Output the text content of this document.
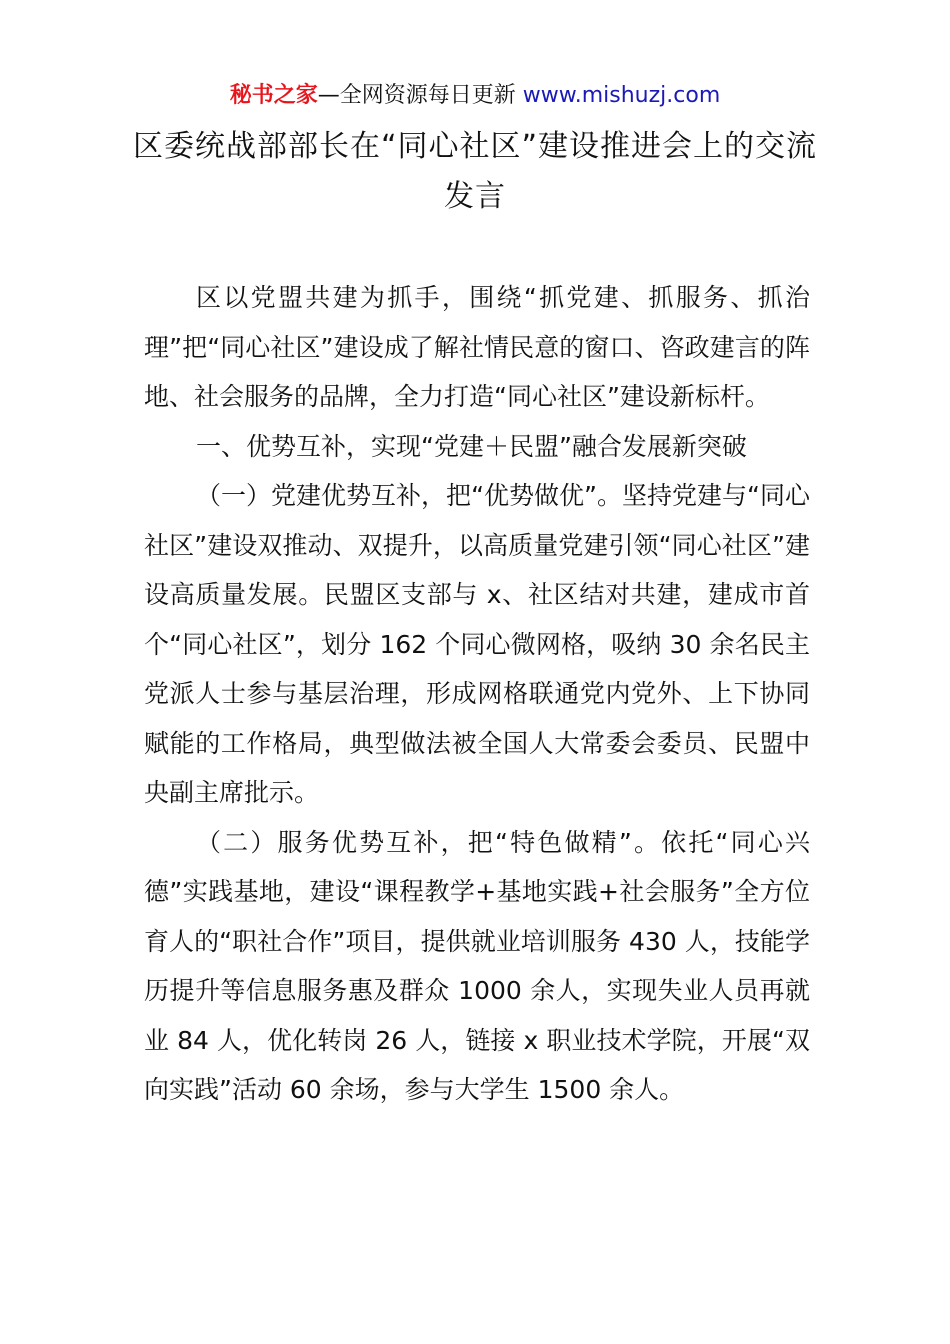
秘书之家—全网资源每日更新 www.mishuzj.com
区委统战部部长在“同心社区”建设推进会上的交流发言

区以党盟共建为抓手，围绕“抓党建、抓服务、抓治理”把“同心社区”建设成了解社情民意的窗口、咨政建言的阵地、社会服务的品牌，全力打造“同心社区”建设新标杆。

一、优势互补，实现“党建＋民盟”融合发展新突破

（一）党建优势互补，把“优势做优”。坚持党建与“同心社区”建设双推动、双提升，以高质量党建引领“同心社区”建设高质量发展。民盟区支部与 x、社区结对共建，建成市首个“同心社区”，划分 162 个同心微网格，吸纳 30 余名民主党派人士参与基层治理，形成网格联通党内党外、上下协同赋能的工作格局，典型做法被全国人大常委会委员、民盟中央副主席批示。

（二）服务优势互补，把“特色做精”。依托“同心兴德”实践基地，建设“课程教学+基地实践+社会服务”全方位育人的“职社合作”项目，提供就业培训服务 430 人，技能学历提升等信息服务惠及群众 1000 余人，实现失业人员再就业 84 人，优化转岗 26 人，链接 x 职业技术学院，开展“双向实践”活动 60 余场，参与大学生 1500 余人。
